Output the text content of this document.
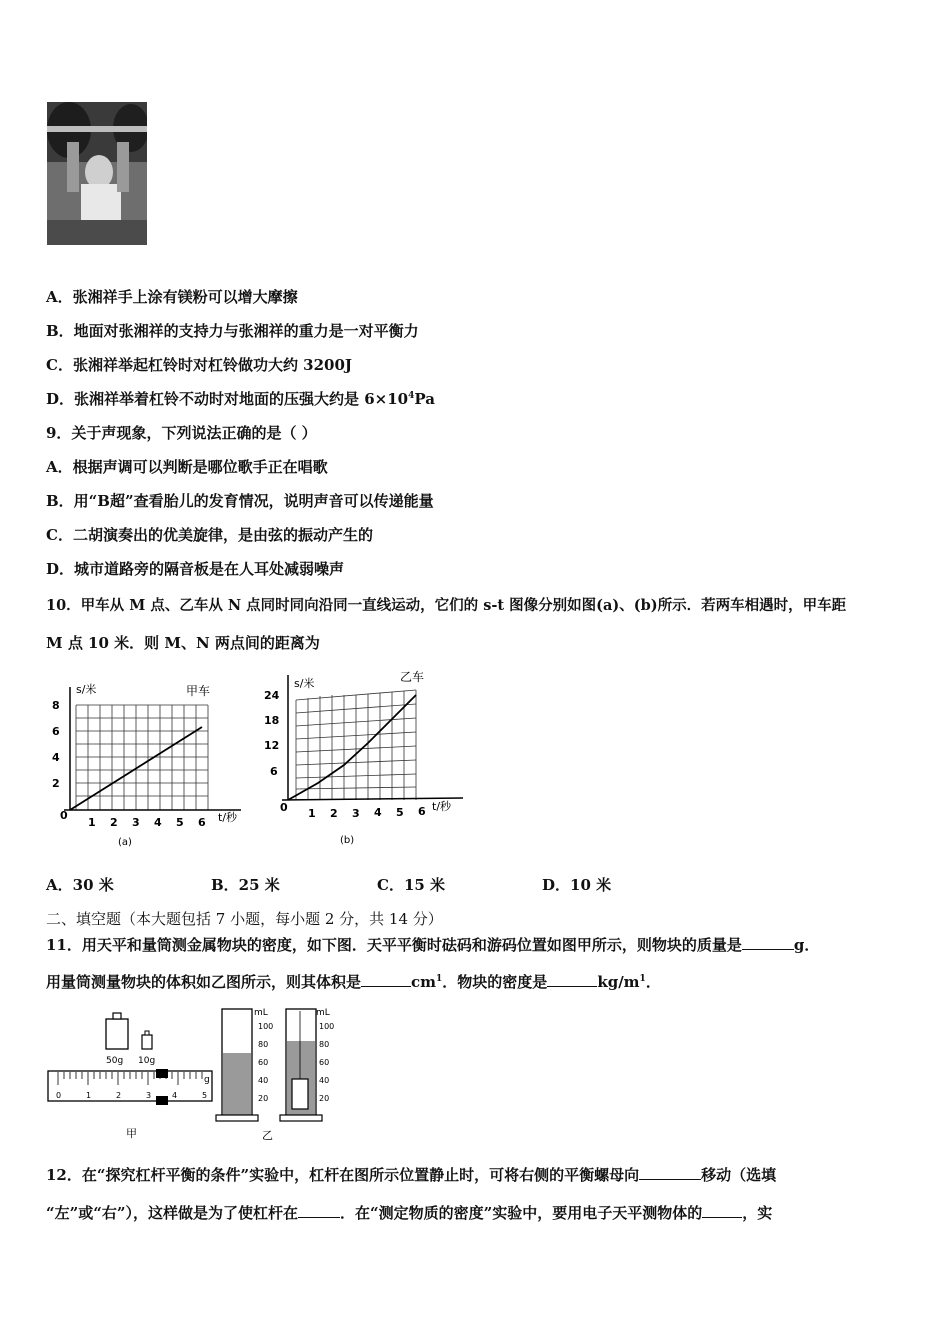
A．张湘祥手上涂有镁粉可以增大摩擦
B．地面对张湘祥的支持力与张湘祥的重力是一对平衡力
C．张湘祥举起杠铃时对杠铃做功大约 3200J
D．张湘祥举着杠铃不动时对地面的压强大约是 $6\times 10^4Pa$
9．关于声现象，下列说法正确的是（ ）
A．根据声调可以判断是哪位歌手正在唱歌
B．用“B超”查看胎儿的发育情况，说明声音可以传递能量
C．二胡演奏出的优美旋律，是由弦的振动产生的
D．城市道路旁的隔音板是在人耳处减弱噪声
10．甲车从 M 点、乙车从 N 点同时同向沿同一直线运动，它们的 s-t 图像分别如图(a)、(b)所示．若两车相遇时，甲车距
M 点 10 米．则 M、N 两点间的距离为
s/米	甲车
8
6
4
2
0
1 2 3 4 5 6 t/秒
(a)
s/米	乙车
24
18
12
6
0 1 2 3 4 5 6 t/秒
(b)
A．30 米	B．25 米	C．15 米	D．10 米
二、填空题（本大题包括 7 小题，每小题 2 分，共 14 分）
11．用天平和量筒测金属物块的密度，如下图．天平平衡时砝码和游码位置如图甲所示，则物块的质量是	g．
用量筒测量物块的体积如乙图所示，则其体积是	$cm^1$．物块的密度是	$kg/m^1$．
50g 10g
g
0	1	2	3	4	5
甲
mL
100
80
60
40
20
mL
100
80
60
40
20
乙
12．在“探究杠杆平衡的条件”实验中，杠杆在图所示位置静止时，可将右侧的平衡螺母向	移动（选填
“左”或“右”），这样做是为了使杠杆在	．在“测定物质的密度”实验中，要用电子天平测物体的	，实
